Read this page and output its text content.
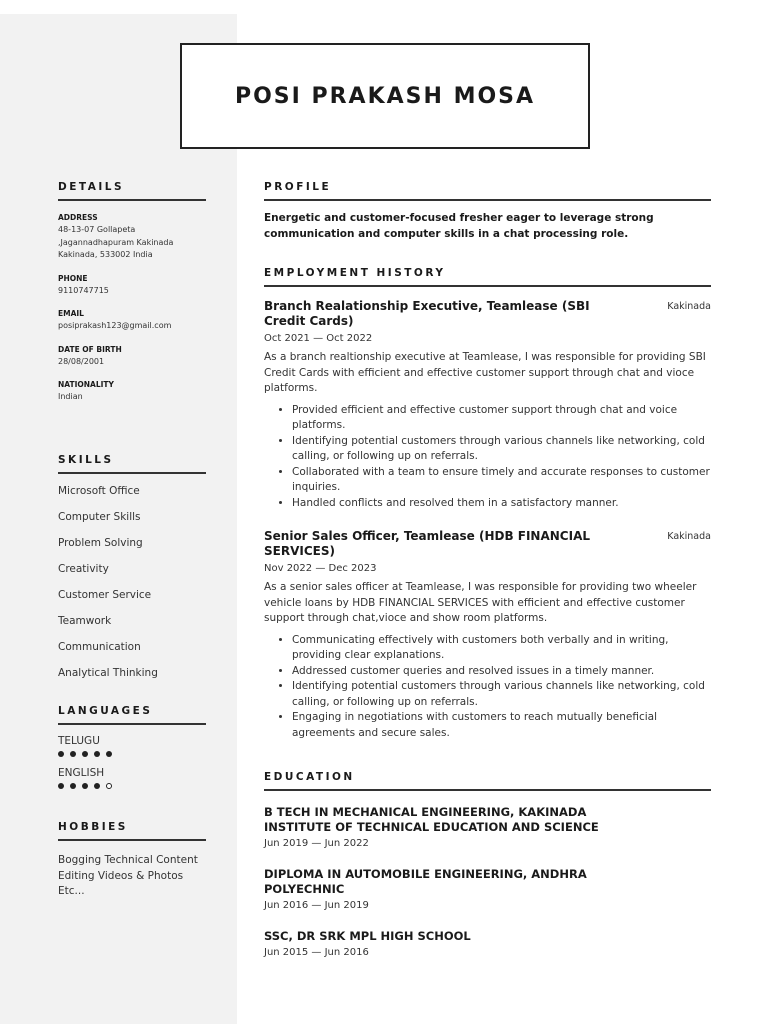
POSI PRAKASH MOSA
DETAILS
ADDRESS
48-13-07 Gollapeta ,Jagannadhapuram Kakinada Kakinada, 533002 India
PHONE
9110747715
EMAIL
posiprakash123@gmail.com
DATE OF BIRTH
28/08/2001
NATIONALITY
Indian
SKILLS
Microsoft Office
Computer Skills
Problem Solving
Creativity
Customer Service
Teamwork
Communication
Analytical Thinking
LANGUAGES
TELUGU
ENGLISH
HOBBIES
Bogging Technical Content
Editing Videos & Photos Etc...
PROFILE
Energetic and customer-focused fresher eager to leverage strong communication and computer skills in a chat processing role.
EMPLOYMENT HISTORY
Branch Realationship Executive, Teamlease (SBI Credit Cards)
Kakinada
Oct 2021 — Oct 2022
As a branch realtionship executive at Teamlease, I was responsible for providing SBI Credit Cards with efficient and effective customer support through chat and vioce platforms.
• Provided efficient and effective customer support through chat and voice platforms.
• Identifying potential customers through various channels like networking, cold calling, or following up on referrals.
• Collaborated with a team to ensure timely and accurate responses to customer inquiries.
• Handled conflicts and resolved them in a satisfactory manner.
Senior Sales Officer, Teamlease (HDB FINANCIAL SERVICES)
Kakinada
Nov 2022 — Dec 2023
As a senior sales officer at Teamlease, I was responsible for providing two wheeler vehicle loans by HDB FINANCIAL SERVICES with efficient and effective customer support through chat,vioce and show room platforms.
• Communicating effectively with customers both verbally and in writing, providing clear explanations.
• Addressed customer queries and resolved issues in a timely manner.
• Identifying potential customers through various channels like networking, cold calling, or following up on referrals.
• Engaging in negotiations with customers to reach mutually beneficial agreements and secure sales.
EDUCATION
B TECH IN MECHANICAL ENGINEERING, KAKINADA INSTITUTE OF TECHNICAL EDUCATION AND SCIENCE
Jun 2019 — Jun 2022
DIPLOMA IN AUTOMOBILE ENGINEERING, ANDHRA POLYECHNIC
Jun 2016 — Jun 2019
SSC, DR SRK MPL HIGH SCHOOL
Jun 2015 — Jun 2016
